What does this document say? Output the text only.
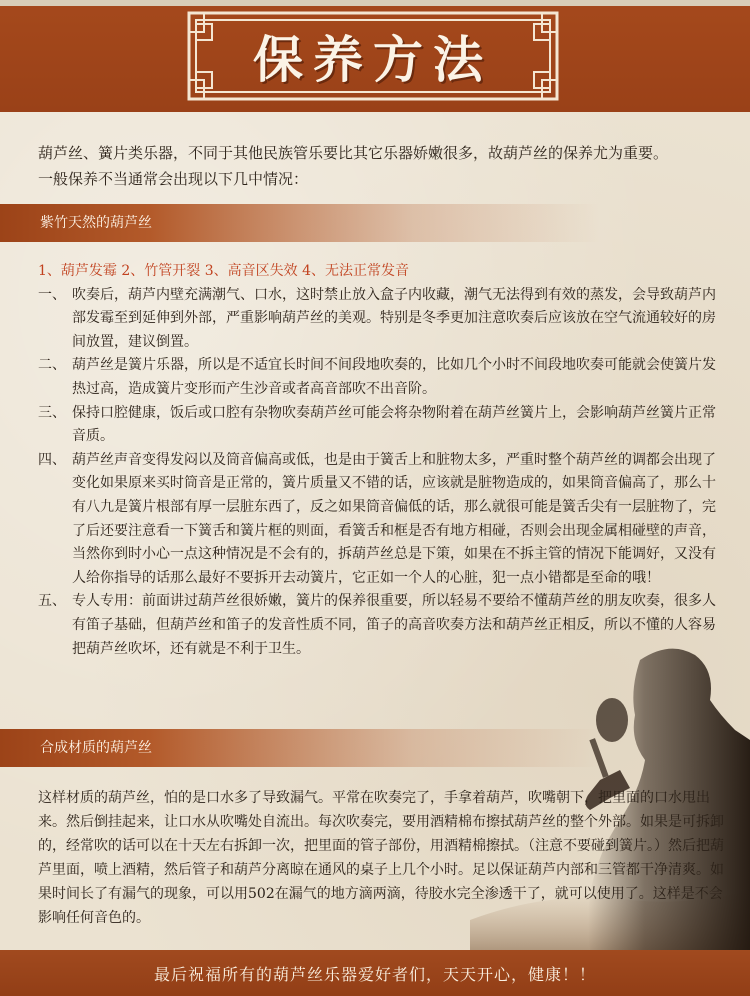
保养方法

葫芦丝、簧片类乐器，不同于其他民族管乐要比其它乐器娇嫩很多，故葫芦丝的保养尤为重要。

一般保养不当通常会出现以下几中情况：

紫竹天然的葫芦丝

1、葫芦发霉 2、竹管开裂 3、高音区失效 4、无法正常发音

一、 吹奏后，葫芦内壁充满潮气、口水，这时禁止放入盒子内收藏，潮气无法得到有效的蒸发，会导致葫芦内部发霉至到延伸到外部，严重影响葫芦丝的美观。特别是冬季更加注意吹奏后应该放在空气流通较好的房间放置，建议倒置。

二、 葫芦丝是簧片乐器，所以是不适宜长时间不间段地吹奏的，比如几个小时不间段地吹奏可能就会使簧片发热过高，造成簧片变形而产生沙音或者高音部吹不出音阶。

三、 保持口腔健康，饭后或口腔有杂物吹奏葫芦丝可能会将杂物附着在葫芦丝簧片上，会影响葫芦丝簧片正常音质。

四、 葫芦丝声音变得发闷以及筒音偏高或低，也是由于簧舌上和脏物太多，严重时整个葫芦丝的调都会出现了变化如果原来买时筒音是正常的，簧片质量又不错的话，应该就是脏物造成的，如果筒音偏高了，那么十有八九是簧片根部有厚一层脏东西了，反之如果筒音偏低的话，那么就很可能是簧舌尖有一层脏物了，完了后还要注意看一下簧舌和簧片框的则面，看簧舌和框是否有地方相碰，否则会出现金属相碰壁的声音，当然你到时小心一点这种情况是不会有的，拆葫芦丝总是下策，如果在不拆主管的情况下能调好，又没有人给你指导的话那么最好不要拆开去动簧片，它正如一个人的心脏，犯一点小错都是至命的哦！

五、 专人专用：前面讲过葫芦丝很娇嫩，簧片的保养很重要，所以轻易不要给不懂葫芦丝的朋友吹奏，很多人有笛子基础，但葫芦丝和笛子的发音性质不同，笛子的高音吹奏方法和葫芦丝正相反，所以不懂的人容易把葫芦丝吹坏，还有就是不利于卫生。

合成材质的葫芦丝

这样材质的葫芦丝，怕的是口水多了导致漏气。平常在吹奏完了，手拿着葫芦，吹嘴朝下，把里面的口水甩出来。然后倒挂起来，让口水从吹嘴处自流出。每次吹奏完，要用酒精棉布擦拭葫芦丝的整个外部。如果是可拆卸的，经常吹的话可以在十天左右拆卸一次，把里面的管子部份，用酒精棉擦拭。（注意不要碰到簧片。）然后把葫芦里面，喷上酒精，然后管子和葫芦分离晾在通风的桌子上几个小时。足以保证葫芦内部和三管都干净清爽。如果时间长了有漏气的现象，可以用502在漏气的地方滴两滴，待胶水完全渗透干了，就可以使用了。这样是不会影响任何音色的。

最后祝福所有的葫芦丝乐器爱好者们，天天开心，健康！！
